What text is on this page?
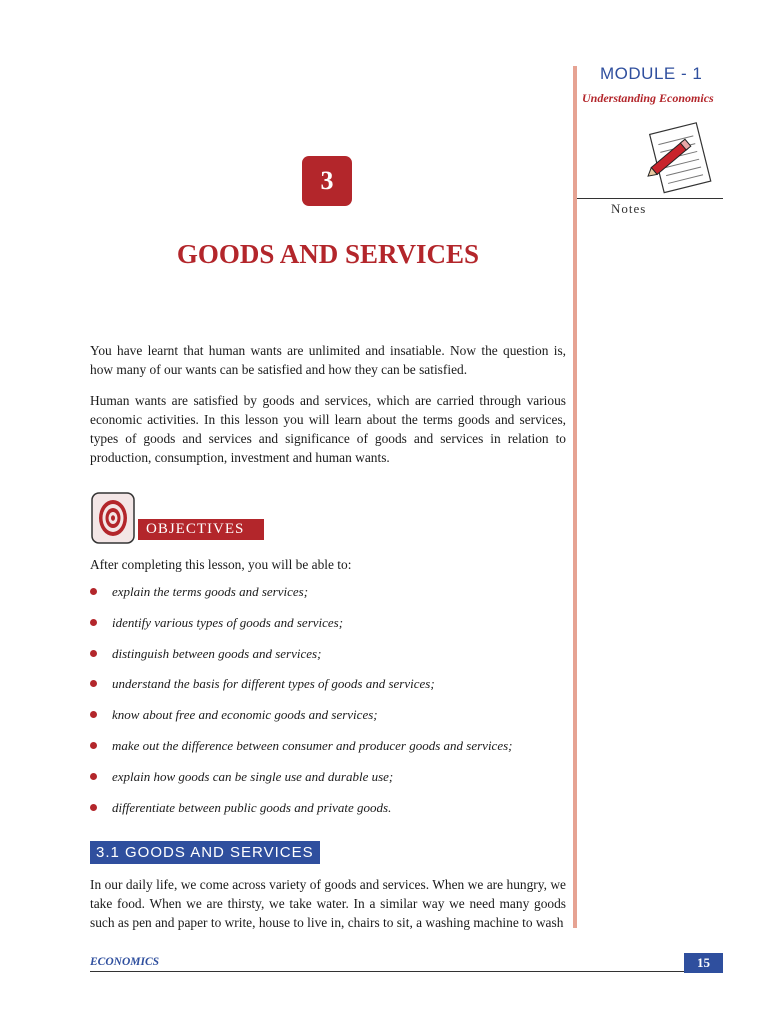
MODULE - 1
Understanding Economics
Notes
3
GOODS AND SERVICES
You have learnt that human wants are unlimited and insatiable. Now the question is, how many of our wants can be satisfied and how they can be satisfied.
Human wants are satisfied by goods and services, which are carried through various economic activities. In this lesson you will learn about the terms goods and services, types of goods and services and significance of goods and services in relation to production, consumption, investment and human wants.
OBJECTIVES
After completing this lesson, you will be able to:
explain the terms goods and services;
identify various types of goods and services;
distinguish between goods and services;
understand the basis for different types of goods and services;
know about free and economic goods and services;
make out the difference between consumer and producer goods and services;
explain how goods can be single use and durable use;
differentiate between public goods and private goods.
3.1 GOODS AND SERVICES
In our daily life, we come across variety of goods and services. When we are hungry, we take food. When we are thirsty, we take water. In a similar way we need many goods such as pen and paper to write, house to live in, chairs to sit, a washing machine to wash
ECONOMICS	15
